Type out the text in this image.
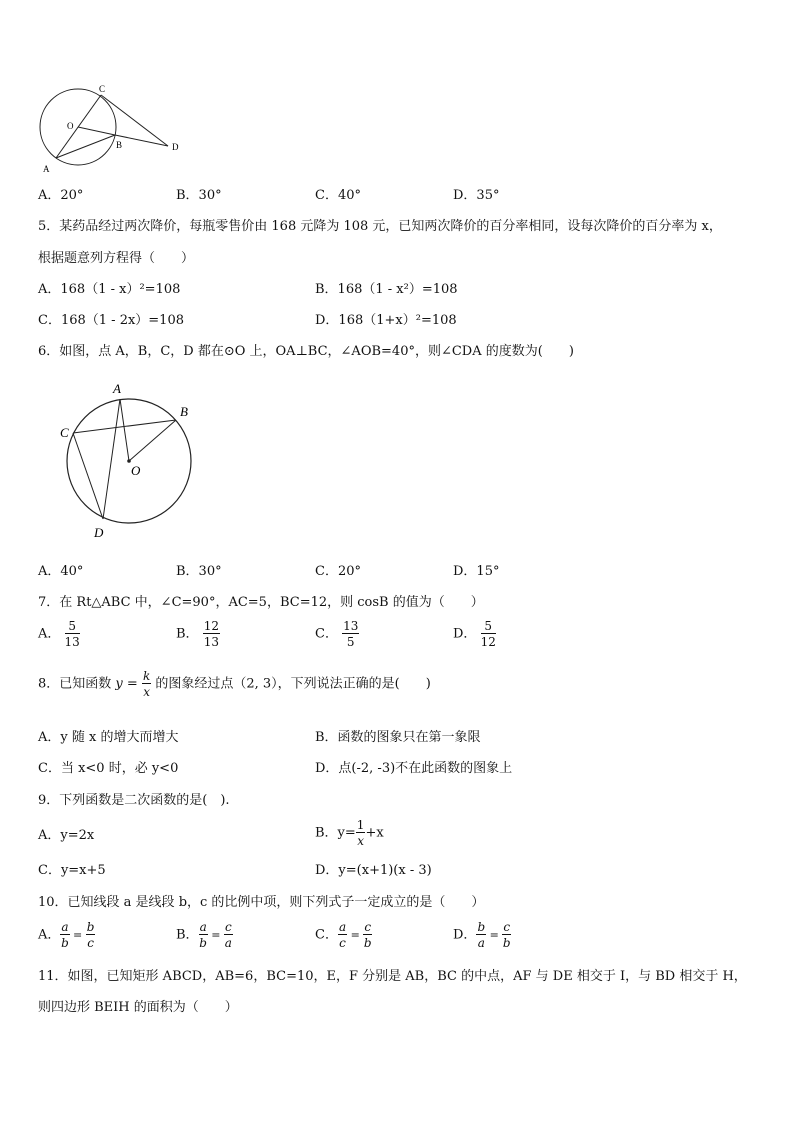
C
O
B
A
D
A．20°	B．30°	C．40°	D．35°
5．某药品经过两次降价，每瓶零售价由 168 元降为 108 元，已知两次降价的百分率相同，设每次降价的百分率为 x，
根据题意列方程得（　　）
A．168（1 - x）²=108	B．168（1 - x²）=108
C．168（1 - 2x）=108	D．168（1+x）²=108
6．如图，点 A，B，C，D 都在⊙O 上，OA⊥BC，∠AOB=40°，则∠CDA 的度数为(　　)
A
B
C
O
D
A．40°	B．30°	C．20°	D．15°
7．在 Rt△ABC 中，∠C=90°，AC=5，BC=12，则 cosB 的值为（　　）
A． $\frac{5}{13}$	B． $\frac{12}{13}$	C． $\frac{13}{5}$	D． $\frac{5}{12}$
8．已知函数 $y = \frac{k}{x}$ 的图象经过点（2, 3），下列说法正确的是(　　)
A．y 随 x 的增大而增大	B．函数的图象只在第一象限
C．当 x<0 时，必 y<0	D．点(-2, -3)不在此函数的图象上
9．下列函数是二次函数的是(　).
A．y=2x	B．$y= \frac{1}{x} +x$
C．y=x+5	D．y=(x+1)(x - 3)
10．已知线段 a 是线段 b，c 的比例中项，则下列式子一定成立的是（　　）
A． $\frac{a}{b} = \frac{b}{c}$	B． $\frac{a}{b} = \frac{c}{a}$	C． $\frac{a}{c} = \frac{c}{b}$	D． $\frac{b}{a} = \frac{c}{b}$
11．如图，已知矩形 ABCD，AB=6，BC=10，E，F 分别是 AB，BC 的中点，AF 与 DE 相交于 I，与 BD 相交于 H，
则四边形 BEIH 的面积为（　　）
